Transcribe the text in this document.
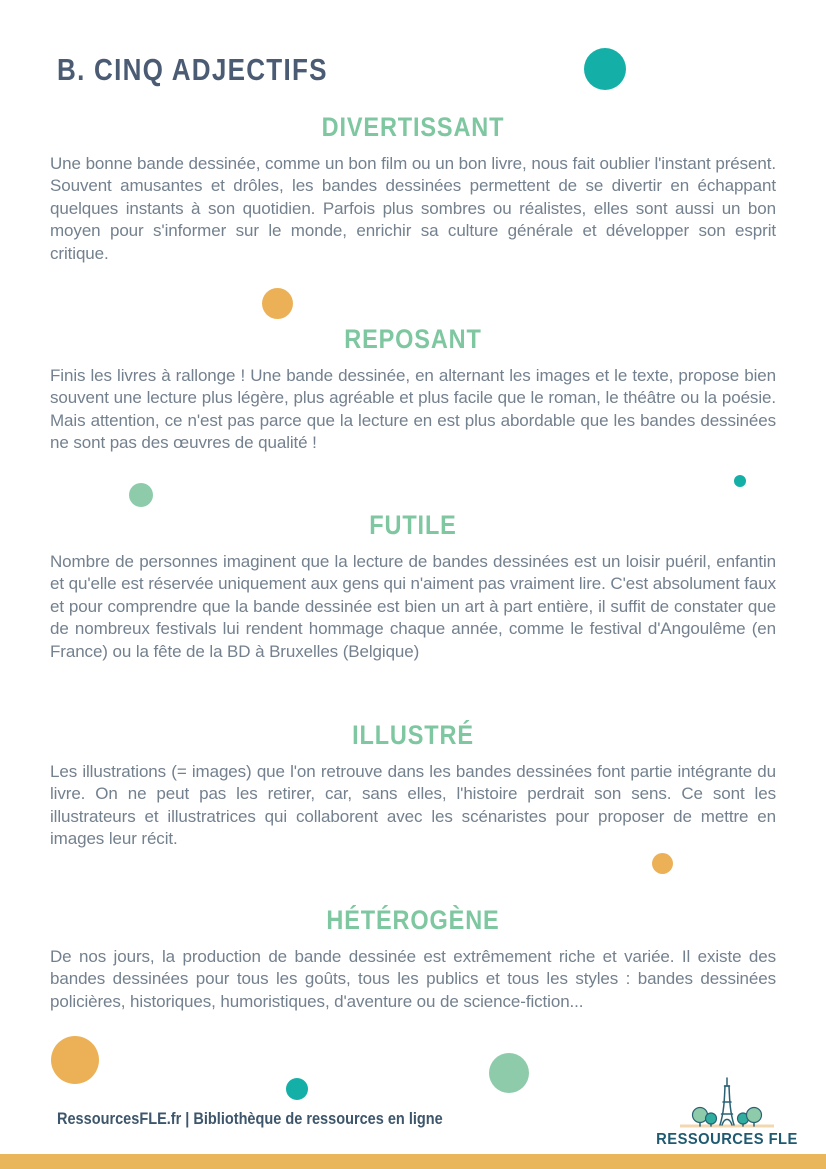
B. CINQ ADJECTIFS
DIVERTISSANT

Une bonne bande dessinée, comme un bon film ou un bon livre, nous fait oublier l'instant présent. Souvent amusantes et drôles, les bandes dessinées permettent de se divertir en échappant quelques instants à son quotidien. Parfois plus sombres ou réalistes, elles sont aussi un bon moyen pour s'informer sur le monde, enrichir sa culture générale et développer son esprit critique.

REPOSANT

Finis les livres à rallonge ! Une bande dessinée, en alternant les images et le texte, propose bien souvent une lecture plus légère, plus agréable et plus facile que le roman, le théâtre ou la poésie. Mais attention, ce n'est pas parce que la lecture en est plus abordable que les bandes dessinées ne sont pas des œuvres de qualité !

FUTILE

Nombre de personnes imaginent que la lecture de bandes dessinées est un loisir puéril, enfantin et qu'elle est réservée uniquement aux gens qui n'aiment pas vraiment lire. C'est absolument faux et pour comprendre que la bande dessinée est bien un art à part entière, il suffit de constater que de nombreux festivals lui rendent hommage chaque année, comme le festival d'Angoulême (en France) ou la fête de la BD à Bruxelles (Belgique)

ILLUSTRÉ

Les illustrations (= images) que l'on retrouve dans les bandes dessinées font partie intégrante du livre. On ne peut pas les retirer, car, sans elles, l'histoire perdrait son sens. Ce sont les illustrateurs et illustratrices qui collaborent avec les scénaristes pour proposer de mettre en images leur récit.

HÉTÉROGÈNE

De nos jours, la production de bande dessinée est extrêmement riche et variée. Il existe des bandes dessinées pour tous les goûts, tous les publics et tous les styles : bandes dessinées policières, historiques, humoristiques, d'aventure ou de science-fiction...

RessourcesFLE.fr | Bibliothèque de ressources en ligne
RESSOURCES FLE
